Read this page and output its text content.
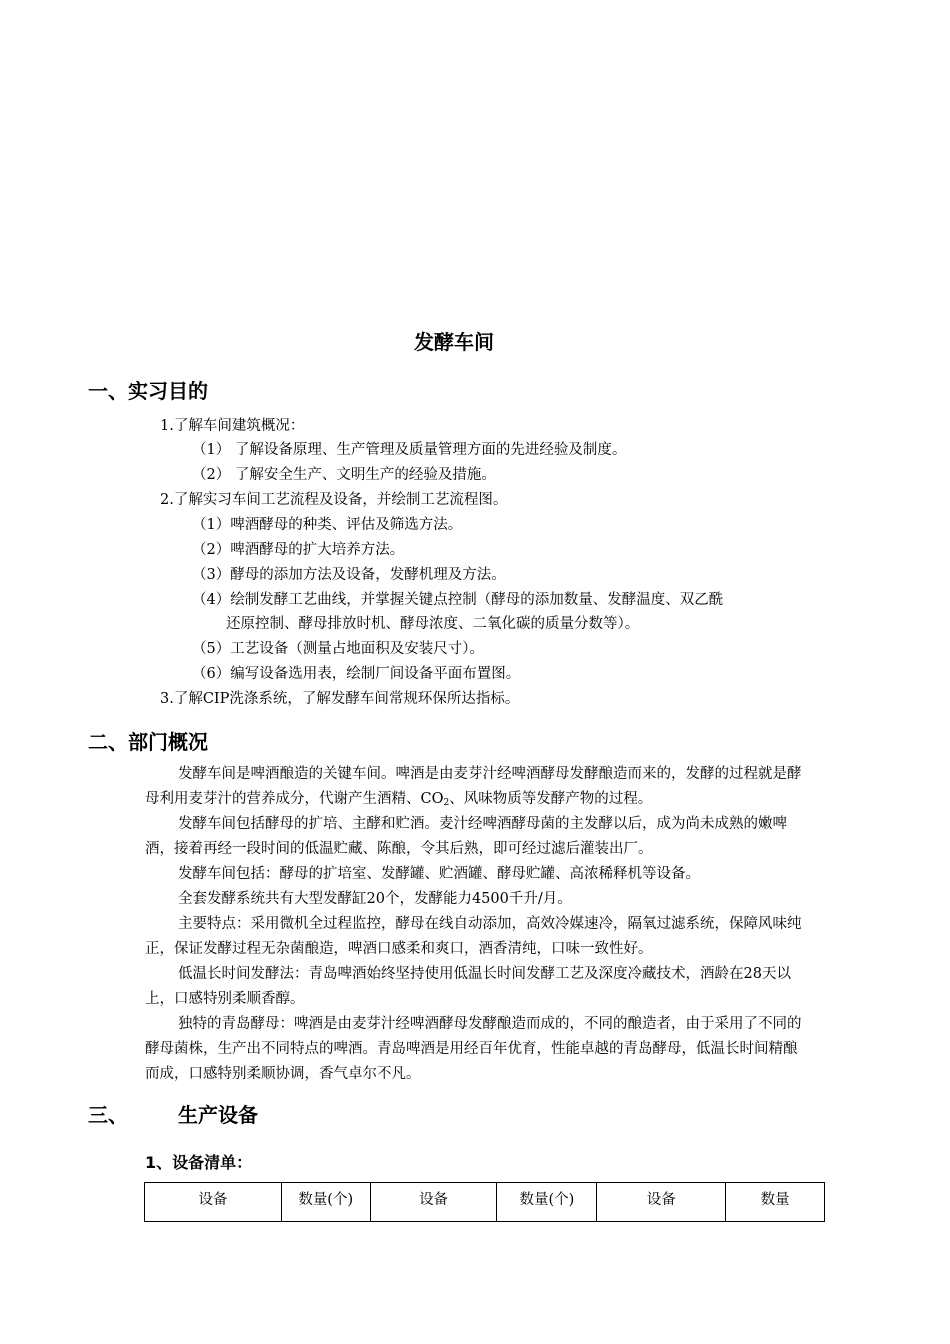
发酵车间
一、实习目的
1.了解车间建筑概况：
（1） 了解设备原理、生产管理及质量管理方面的先进经验及制度。
（2） 了解安全生产、文明生产的经验及措施。
2.了解实习车间工艺流程及设备，并绘制工艺流程图。
（1）啤酒酵母的种类、评估及筛选方法。
（2）啤酒酵母的扩大培养方法。
（3）酵母的添加方法及设备，发酵机理及方法。
（4）绘制发酵工艺曲线，并掌握关键点控制（酵母的添加数量、发酵温度、双乙酰
还原控制、酵母排放时机、酵母浓度、二氧化碳的质量分数等）。
（5）工艺设备（测量占地面积及安装尺寸）。
（6）编写设备选用表，绘制厂间设备平面布置图。
3.了解CIP洗涤系统，了解发酵车间常规环保所达指标。
二、部门概况
发酵车间是啤酒酿造的关键车间。啤酒是由麦芽汁经啤酒酵母发酵酿造而来的，发酵的过程就是酵母利用麦芽汁的营养成分，代谢产生酒精、$CO_2$、风味物质等发酵产物的过程。
发酵车间包括酵母的扩培、主酵和贮酒。麦汁经啤酒酵母菌的主发酵以后，成为尚未成熟的嫩啤酒，接着再经一段时间的低温贮藏、陈酿，令其后熟，即可经过滤后灌装出厂。
发酵车间包括：酵母的扩培室、发酵罐、贮酒罐、酵母贮罐、高浓稀释机等设备。
全套发酵系统共有大型发酵缸20个，发酵能力4500千升/月。
主要特点：采用微机全过程监控，酵母在线自动添加，高效冷媒速冷，隔氧过滤系统，保障风味纯正，保证发酵过程无杂菌酿造，啤酒口感柔和爽口，酒香清纯，口味一致性好。
低温长时间发酵法：青岛啤酒始终坚持使用低温长时间发酵工艺及深度冷藏技术，酒龄在28天以上，口感特别柔顺香醇。
独特的青岛酵母：啤酒是由麦芽汁经啤酒酵母发酵酿造而成的，不同的酿造者，由于采用了不同的酵母菌株，生产出不同特点的啤酒。青岛啤酒是用经百年优育，性能卓越的青岛酵母，低温长时间精酿而成，口感特别柔顺协调，香气卓尔不凡。
三、	生产设备
1、设备清单：
设备	数量(个)	设备	数量(个)	设备	数量
